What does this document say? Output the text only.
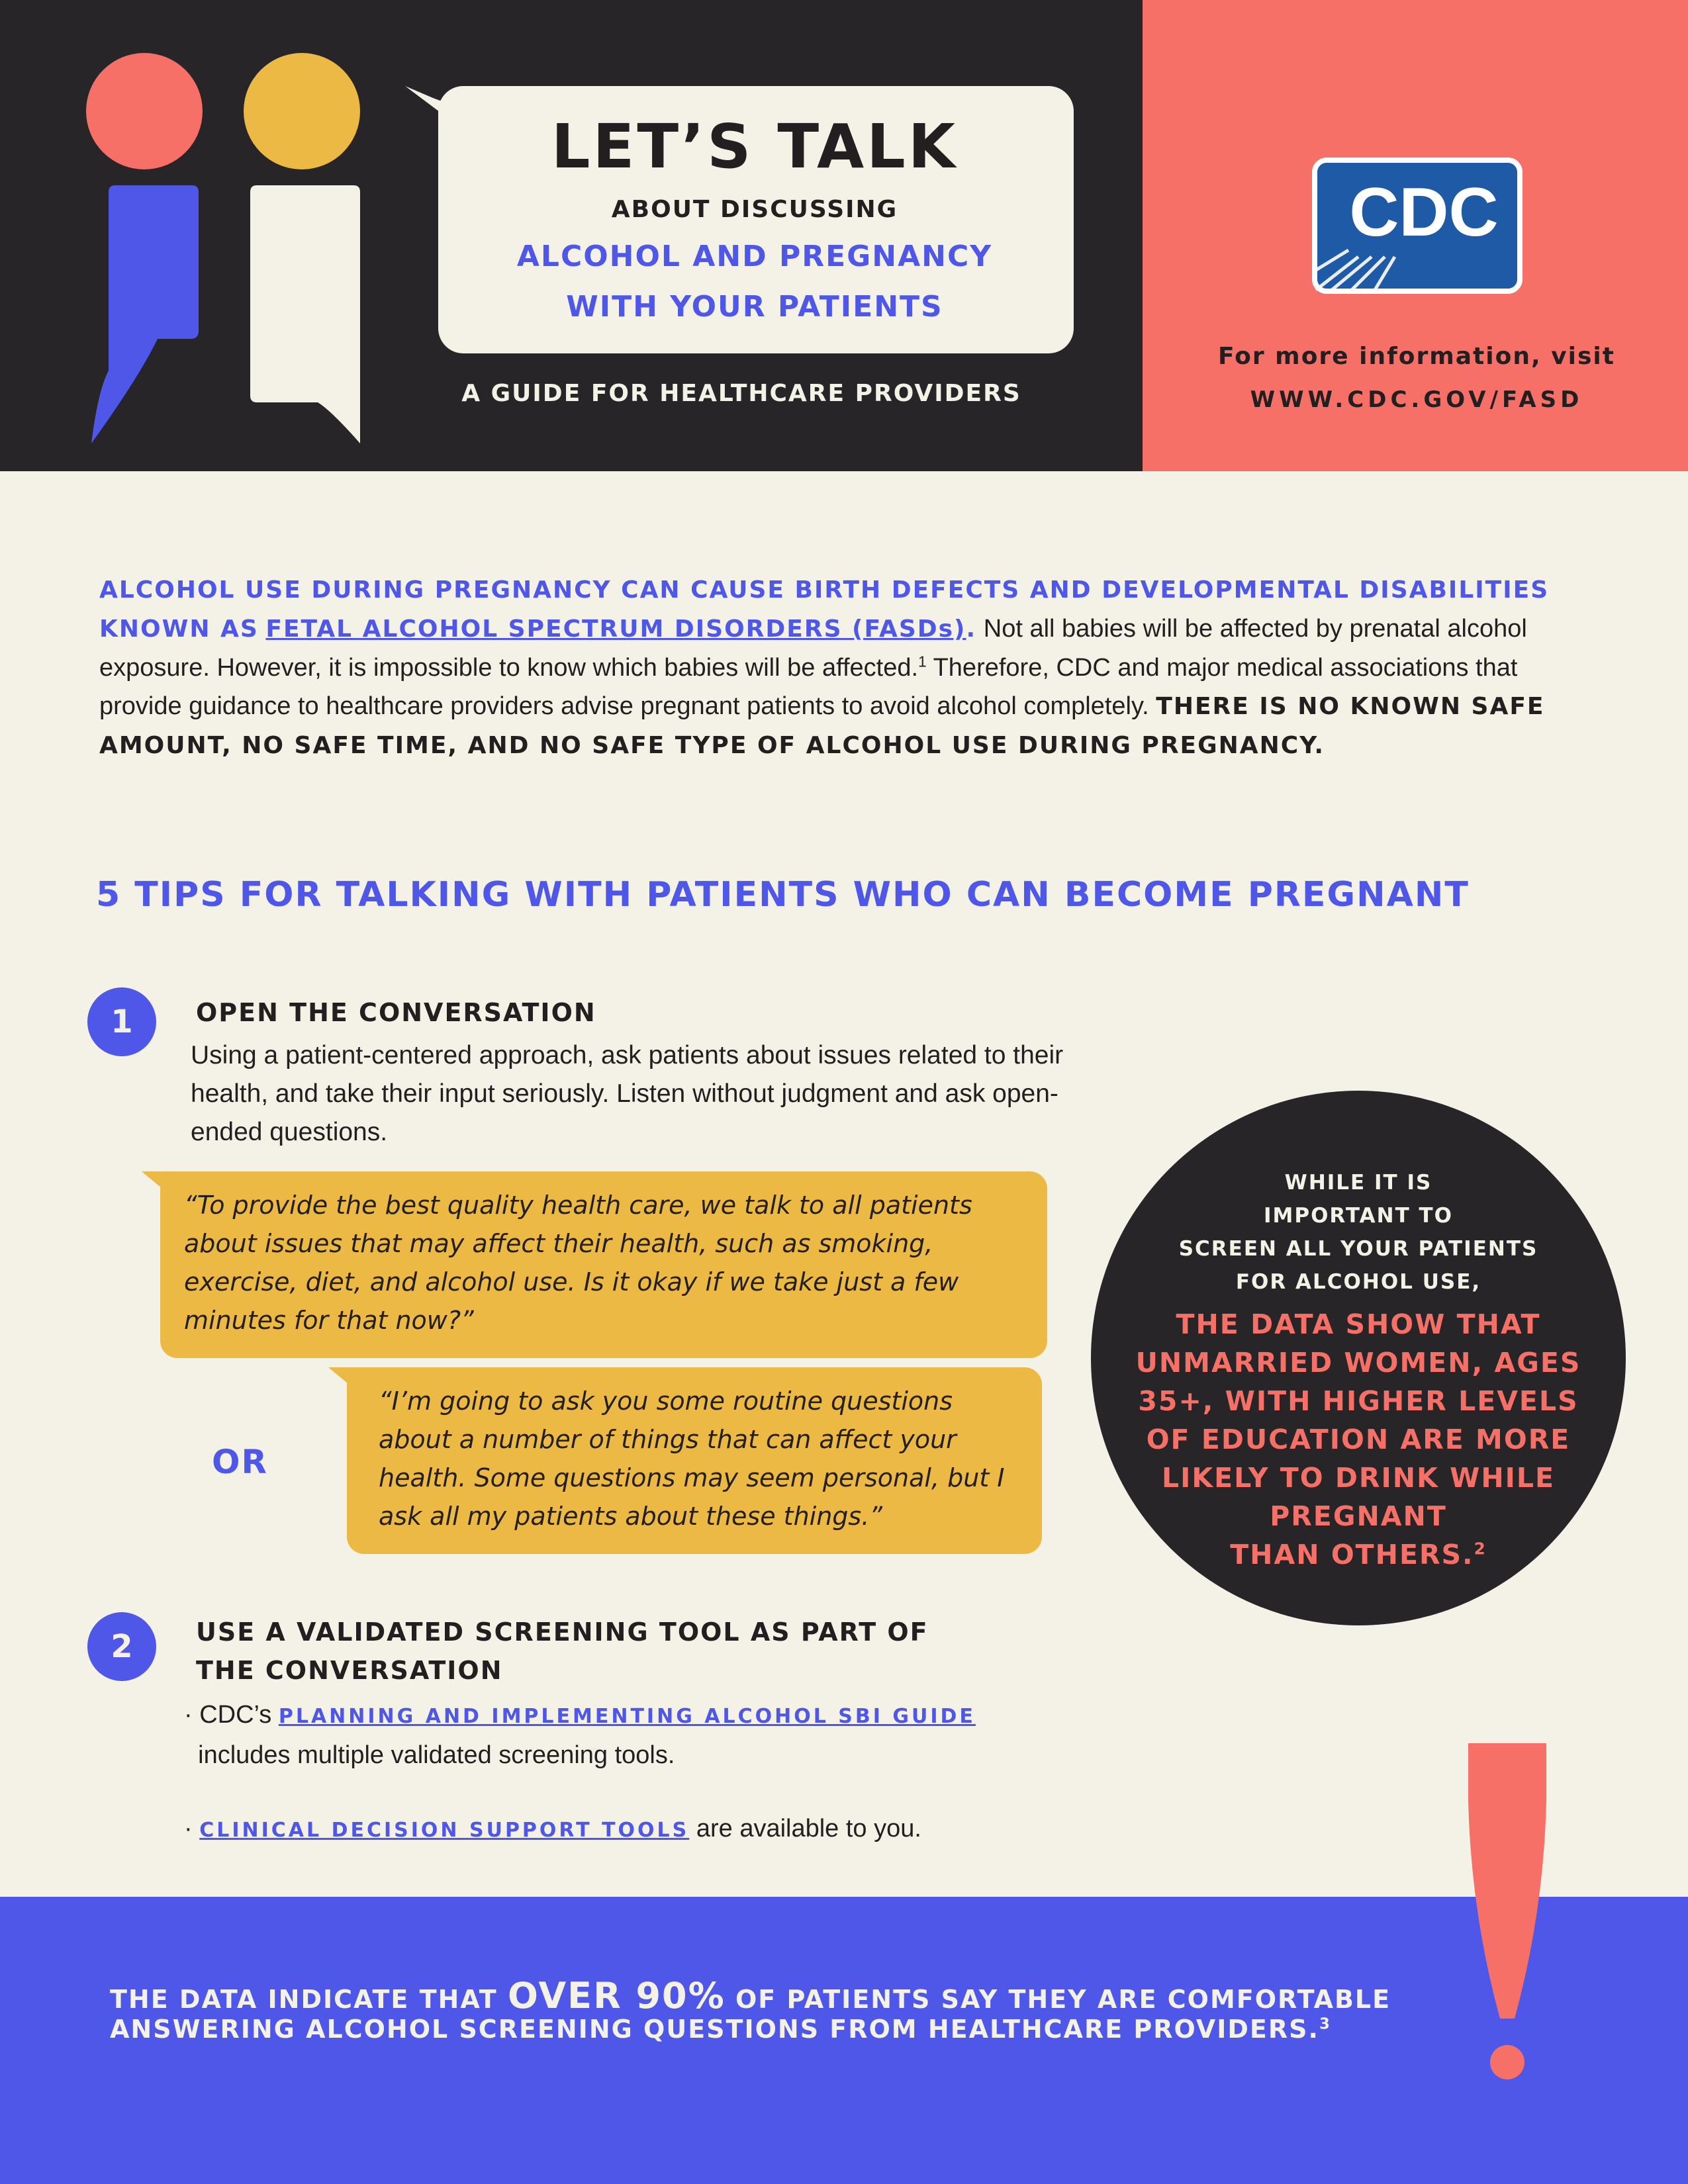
LET’S TALK
ABOUT DISCUSSING
ALCOHOL AND PREGNANCY
WITH YOUR PATIENTS
A GUIDE FOR HEALTHCARE PROVIDERS
CDC
For more information, visit
WWW.CDC.GOV/FASD
ALCOHOL USE DURING PREGNANCY CAN CAUSE BIRTH DEFECTS AND DEVELOPMENTAL DISABILITIES KNOWN AS FETAL ALCOHOL SPECTRUM DISORDERS (FASDs). Not all babies will be affected by prenatal alcohol exposure. However, it is impossible to know which babies will be affected.$^1$ Therefore, CDC and major medical associations that provide guidance to healthcare providers advise pregnant patients to avoid alcohol completely. THERE IS NO KNOWN SAFE AMOUNT, NO SAFE TIME, AND NO SAFE TYPE OF ALCOHOL USE DURING PREGNANCY.
5 TIPS FOR TALKING WITH PATIENTS WHO CAN BECOME PREGNANT
1	OPEN THE CONVERSATION
Using a patient-centered approach, ask patients about issues related to their health, and take their input seriously. Listen without judgment and ask open-ended questions.
“To provide the best quality health care, we talk to all patients about issues that may affect their health, such as smoking, exercise, diet, and alcohol use. Is it okay if we take just a few minutes for that now?”
“I’m going to ask you some routine questions about a number of things that can affect your health. Some questions may seem personal, but I ask all my patients about these things.”
OR
2	USE A VALIDATED SCREENING TOOL AS PART OF
THE CONVERSATION
· CDC’s PLANNING AND IMPLEMENTING ALCOHOL SBI GUIDE
includes multiple validated screening tools.
· CLINICAL DECISION SUPPORT TOOLS are available to you.
WHILE IT IS
IMPORTANT TO
SCREEN ALL YOUR PATIENTS
FOR ALCOHOL USE,
THE DATA SHOW THAT
UNMARRIED WOMEN, AGES
35+, WITH HIGHER LEVELS
OF EDUCATION ARE MORE
LIKELY TO DRINK WHILE
PREGNANT
THAN OTHERS.$^2$
THE DATA INDICATE THAT OVER 90% OF PATIENTS SAY THEY ARE COMFORTABLE
ANSWERING ALCOHOL SCREENING QUESTIONS FROM HEALTHCARE PROVIDERS.$^3$
